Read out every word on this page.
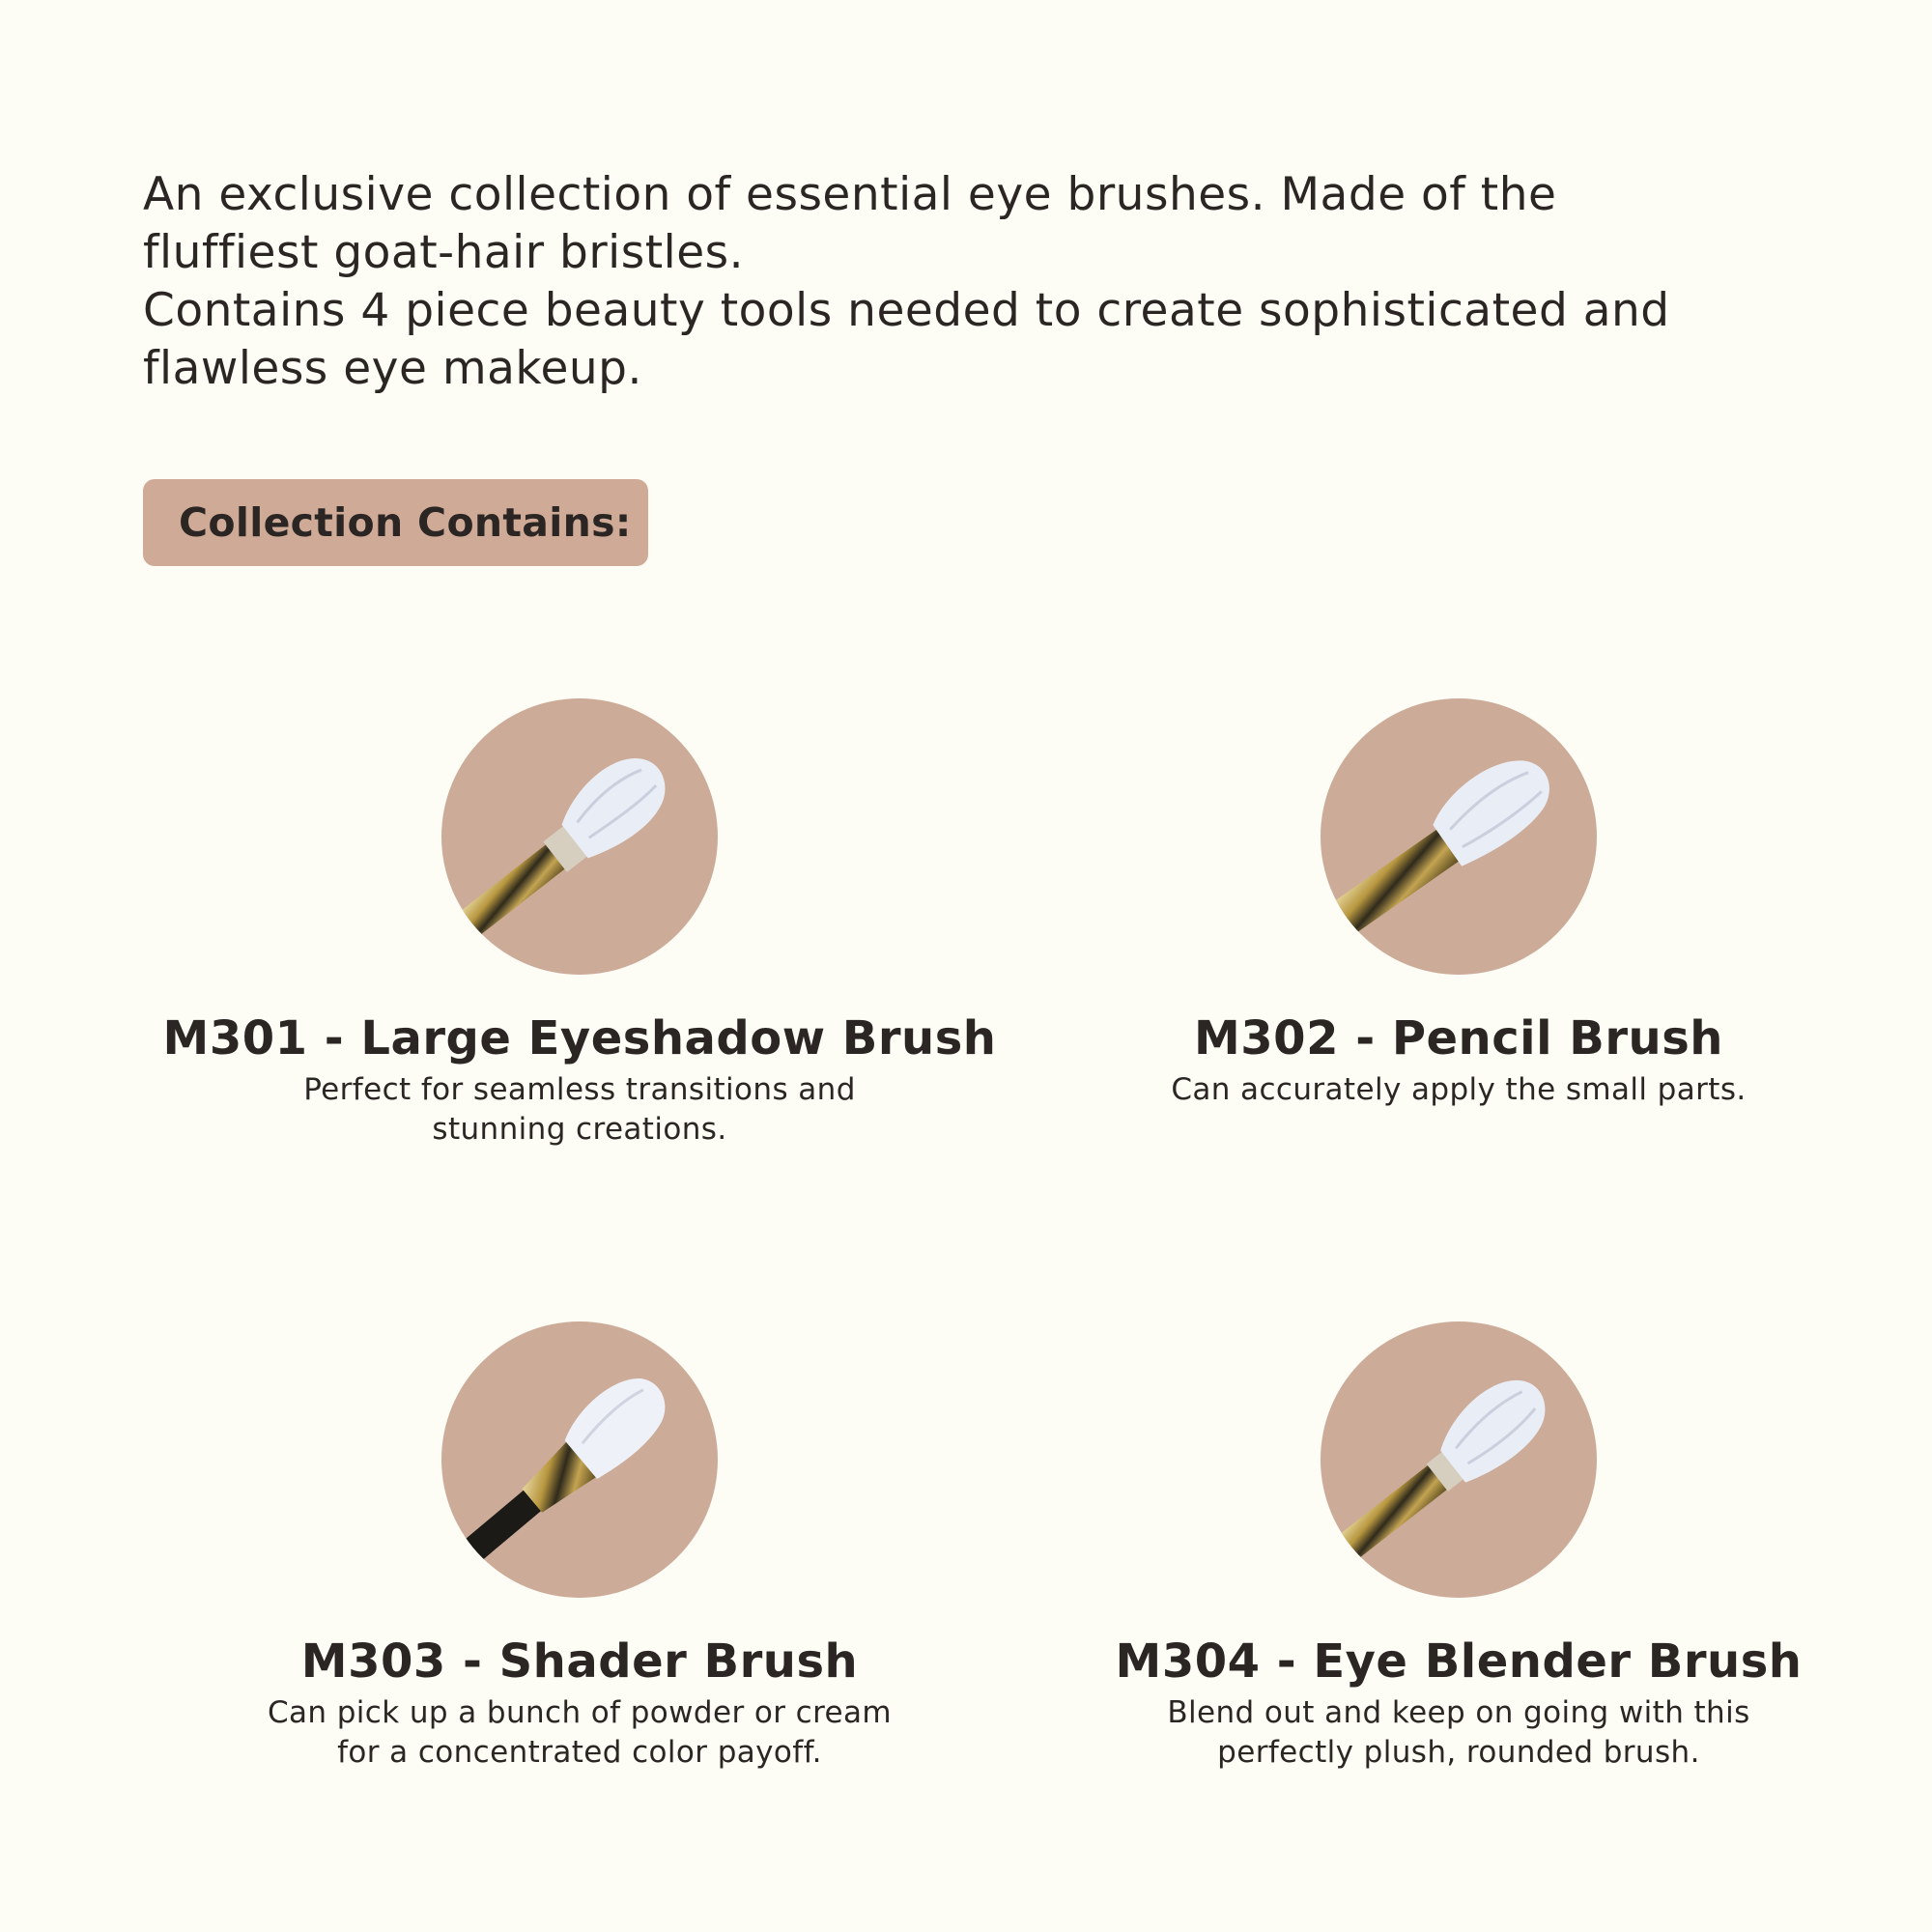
An exclusive collection of essential eye brushes. Made of the fluffiest goat-hair bristles.

Contains 4 piece beauty tools needed to create sophisticated and flawless eye makeup.

Collection Contains:
M301 - Large Eyeshadow Brush
Perfect for seamless transitions and stunning creations.
M302 - Pencil Brush
Can accurately apply the small parts.
M303 - Shader Brush
Can pick up a bunch of powder or cream for a concentrated color payoff.
M304 - Eye Blender Brush
Blend out and keep on going with this perfectly plush, rounded brush.
